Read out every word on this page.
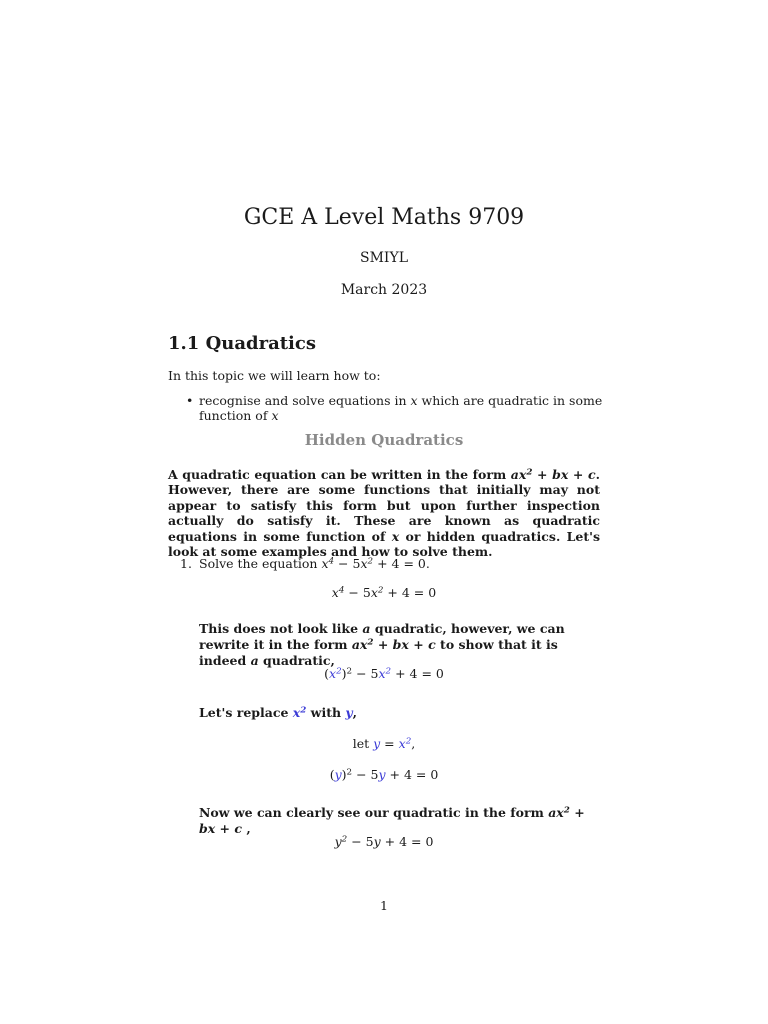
GCE A Level Maths 9709
SMIYL
March 2023
1.1 Quadratics
In this topic we will learn how to:
• recognise and solve equations in x which are quadratic in some function of x
Hidden Quadratics
A quadratic equation can be written in the form $ax^2$ + bx + c. However, there are some functions that initially may not appear to satisfy this form but upon further inspection actually do satisfy it. These are known as quadratic equations in some function of x or hidden quadratics. Let's look at some examples and how to solve them.
1. Solve the equation $x^4 - 5x^2 + 4 = 0$.
$x^4 - 5x^2 + 4 = 0$
This does not look like a quadratic, however, we can rewrite it in the form $ax^2$ + bx + c to show that it is indeed a quadratic,
$(x^2)^2 - 5x^2 + 4 = 0$
Let's replace $x^2$ with y,
let $y = x^2$,
$(y)^2 - 5y + 4 = 0$
Now we can clearly see our quadratic in the form $ax^2$ + bx + c ,
$y^2 - 5y + 4 = 0$
1
